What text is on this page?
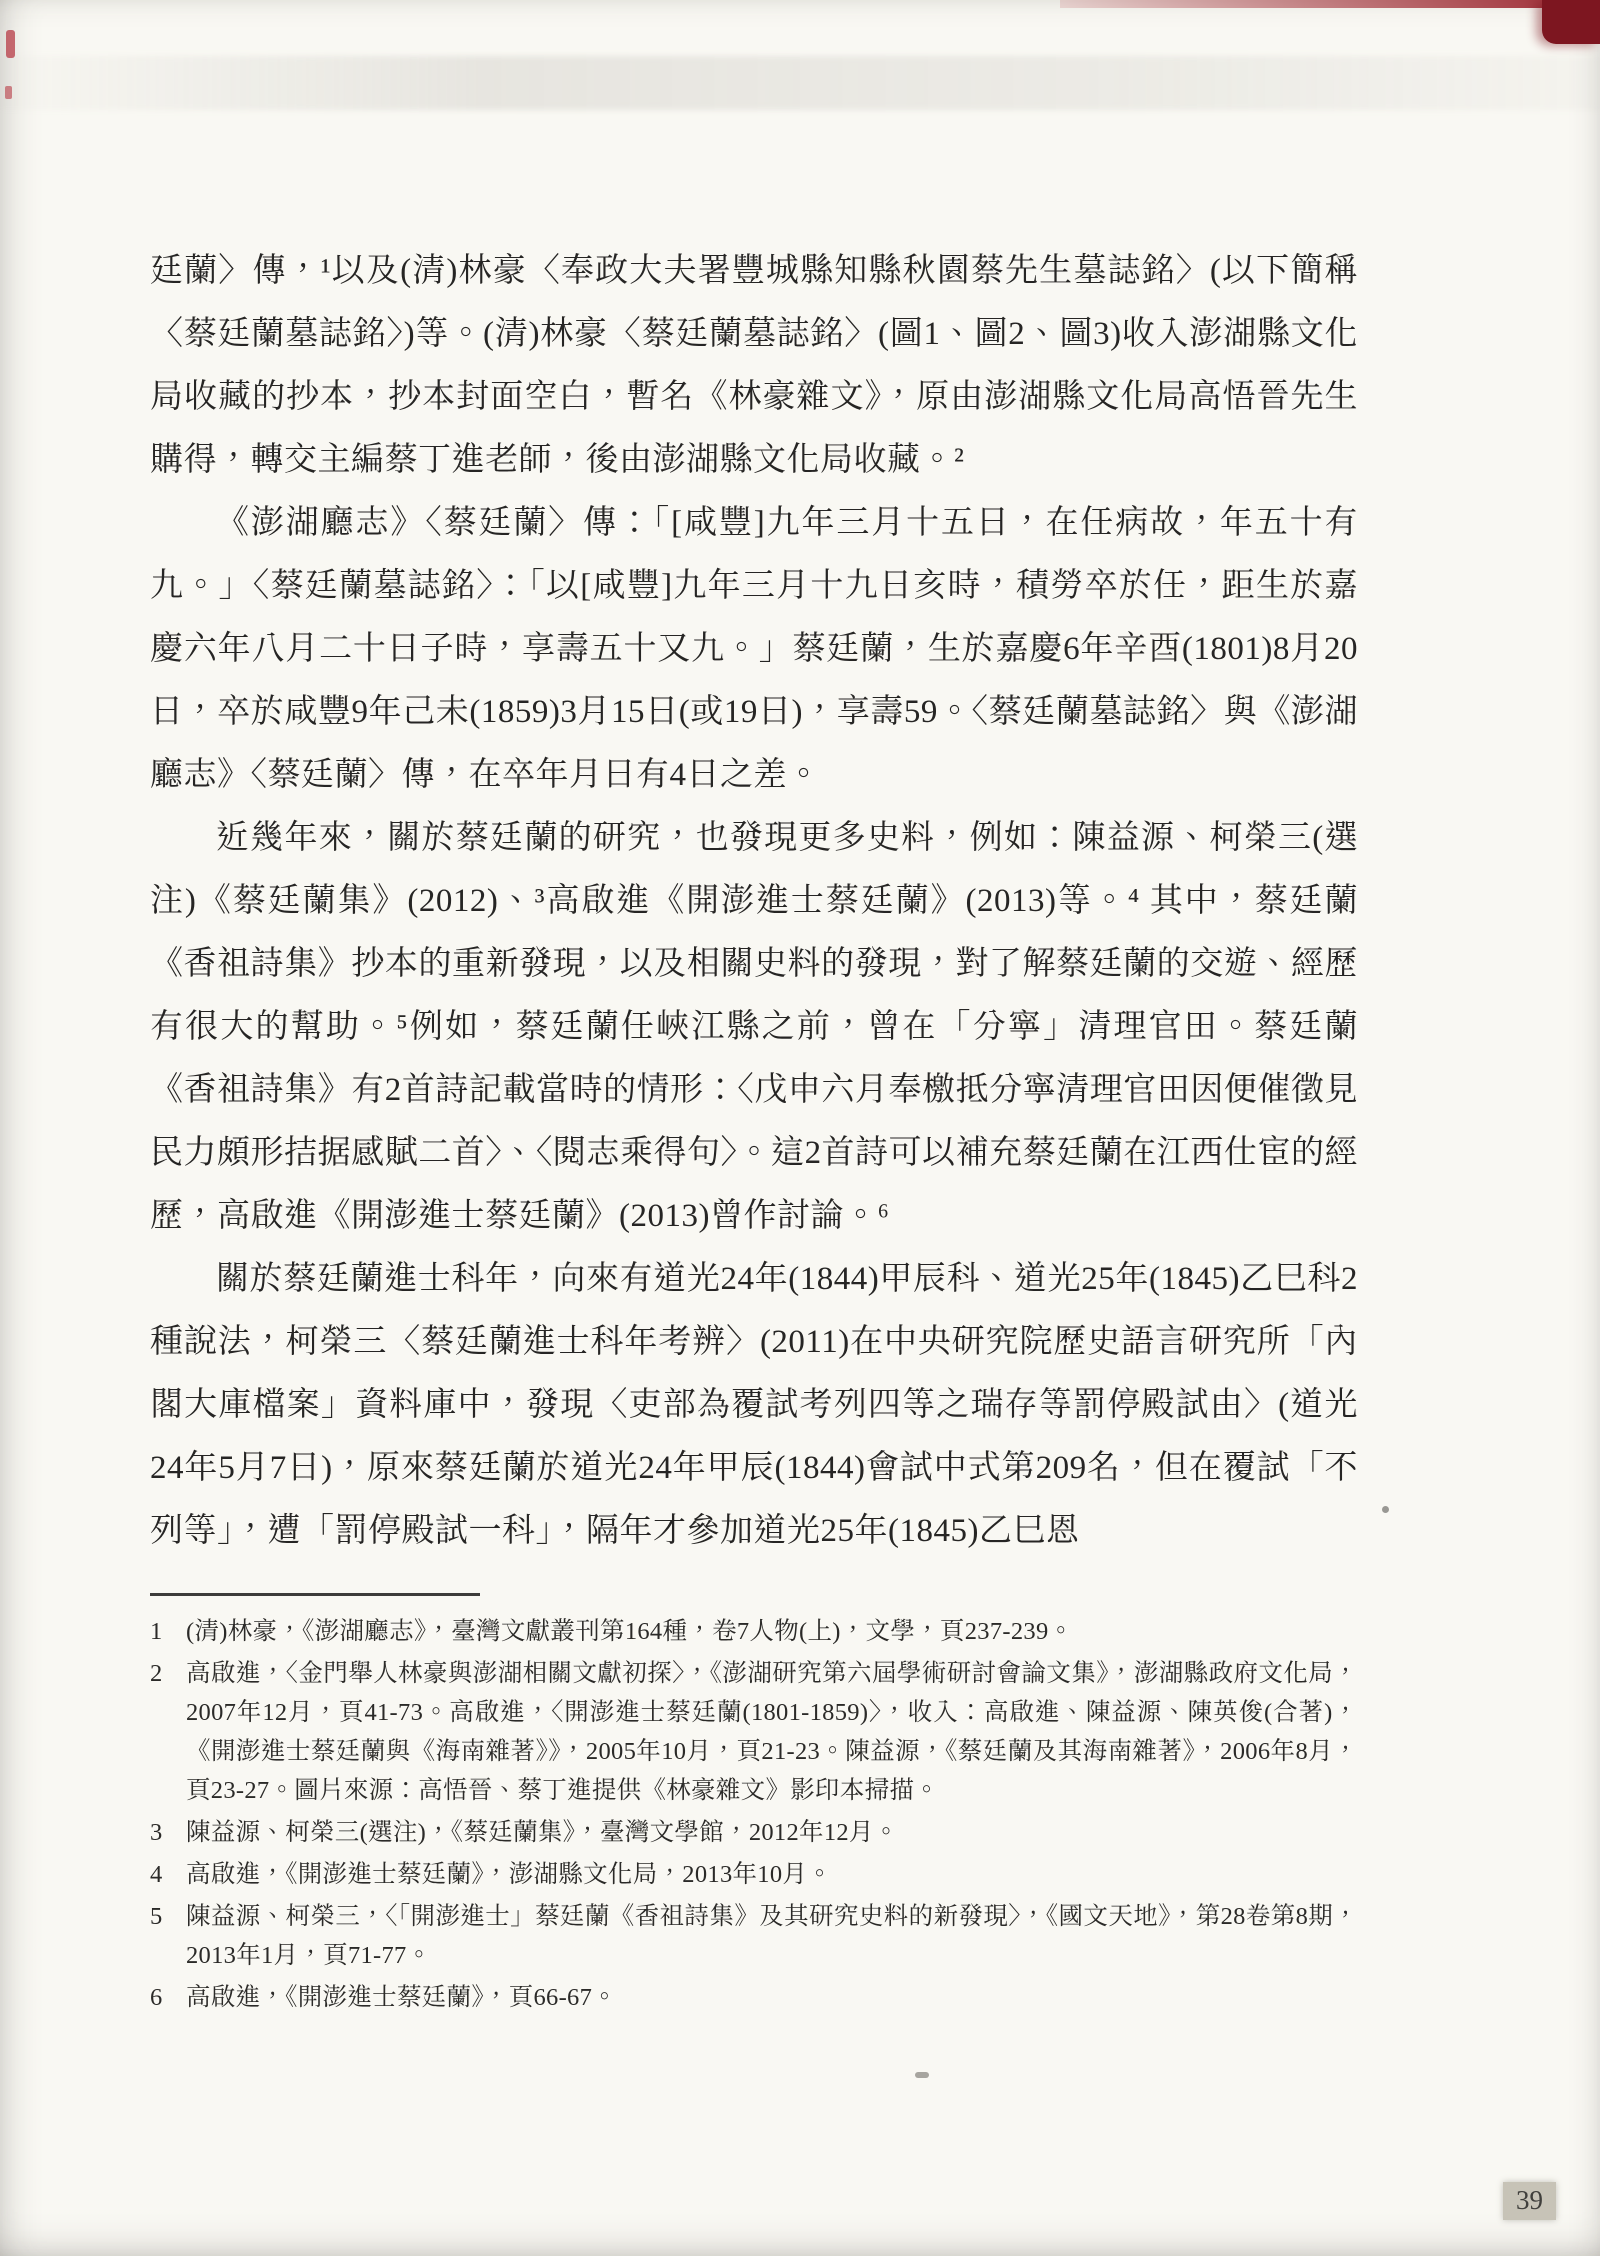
廷蘭〉傳，¹以及(清)林豪〈奉政大夫署豐城縣知縣秋園蔡先生墓誌銘〉(以下簡稱〈蔡廷蘭墓誌銘〉)等。(清)林豪〈蔡廷蘭墓誌銘〉(圖1、圖2、圖3)收入澎湖縣文化局收藏的抄本，抄本封面空白，暫名《林豪雜文》，原由澎湖縣文化局高悟晉先生購得，轉交主編蔡丁進老師，後由澎湖縣文化局收藏。²

《澎湖廳志》〈蔡廷蘭〉傳：「[咸豐]九年三月十五日，在任病故，年五十有九。」〈蔡廷蘭墓誌銘〉：「以[咸豐]九年三月十九日亥時，積勞卒於任，距生於嘉慶六年八月二十日子時，享壽五十又九。」蔡廷蘭，生於嘉慶6年辛酉(1801)8月20日，卒於咸豐9年己未(1859)3月15日(或19日)，享壽59。〈蔡廷蘭墓誌銘〉與《澎湖廳志》〈蔡廷蘭〉傳，在卒年月日有4日之差。

近幾年來，關於蔡廷蘭的研究，也發現更多史料，例如：陳益源、柯榮三(選注)《蔡廷蘭集》(2012)、³高啟進《開澎進士蔡廷蘭》(2013)等。⁴ 其中，蔡廷蘭《香祖詩集》抄本的重新發現，以及相關史料的發現，對了解蔡廷蘭的交遊、經歷有很大的幫助。⁵例如，蔡廷蘭任峽江縣之前，曾在「分寧」清理官田。蔡廷蘭《香祖詩集》有2首詩記載當時的情形：〈戊申六月奉檄抵分寧清理官田因便催徵見民力頗形拮据感賦二首〉、〈閱志乘得句〉。這2首詩可以補充蔡廷蘭在江西仕宦的經歷，高啟進《開澎進士蔡廷蘭》(2013)曾作討論。⁶

關於蔡廷蘭進士科年，向來有道光24年(1844)甲辰科、道光25年(1845)乙巳科2種說法，柯榮三〈蔡廷蘭進士科年考辨〉(2011)在中央研究院歷史語言研究所「內閣大庫檔案」資料庫中，發現〈吏部為覆試考列四等之瑞存等罰停殿試由〉(道光24年5月7日)，原來蔡廷蘭於道光24年甲辰(1844)會試中式第209名，但在覆試「不列等」，遭「罰停殿試一科」，隔年才參加道光25年(1845)乙巳恩

1 (清)林豪，《澎湖廳志》，臺灣文獻叢刊第164種，卷7人物(上)，文學，頁237-239。
2 高啟進，〈金門舉人林豪與澎湖相關文獻初探〉，《澎湖研究第六屆學術研討會論文集》，澎湖縣政府文化局，2007年12月，頁41-73。高啟進，〈開澎進士蔡廷蘭(1801-1859)〉，收入：高啟進、陳益源、陳英俊(合著)，《開澎進士蔡廷蘭與《海南雜著》》，2005年10月，頁21-23。陳益源，《蔡廷蘭及其海南雜著》，2006年8月，頁23-27。圖片來源：高悟晉、蔡丁進提供《林豪雜文》影印本掃描。
3 陳益源、柯榮三(選注)，《蔡廷蘭集》，臺灣文學館，2012年12月。
4 高啟進，《開澎進士蔡廷蘭》，澎湖縣文化局，2013年10月。
5 陳益源、柯榮三，〈「開澎進士」蔡廷蘭《香祖詩集》及其研究史料的新發現〉，《國文天地》，第28卷第8期，2013年1月，頁71-77。
6 高啟進，《開澎進士蔡廷蘭》，頁66-67。
39
